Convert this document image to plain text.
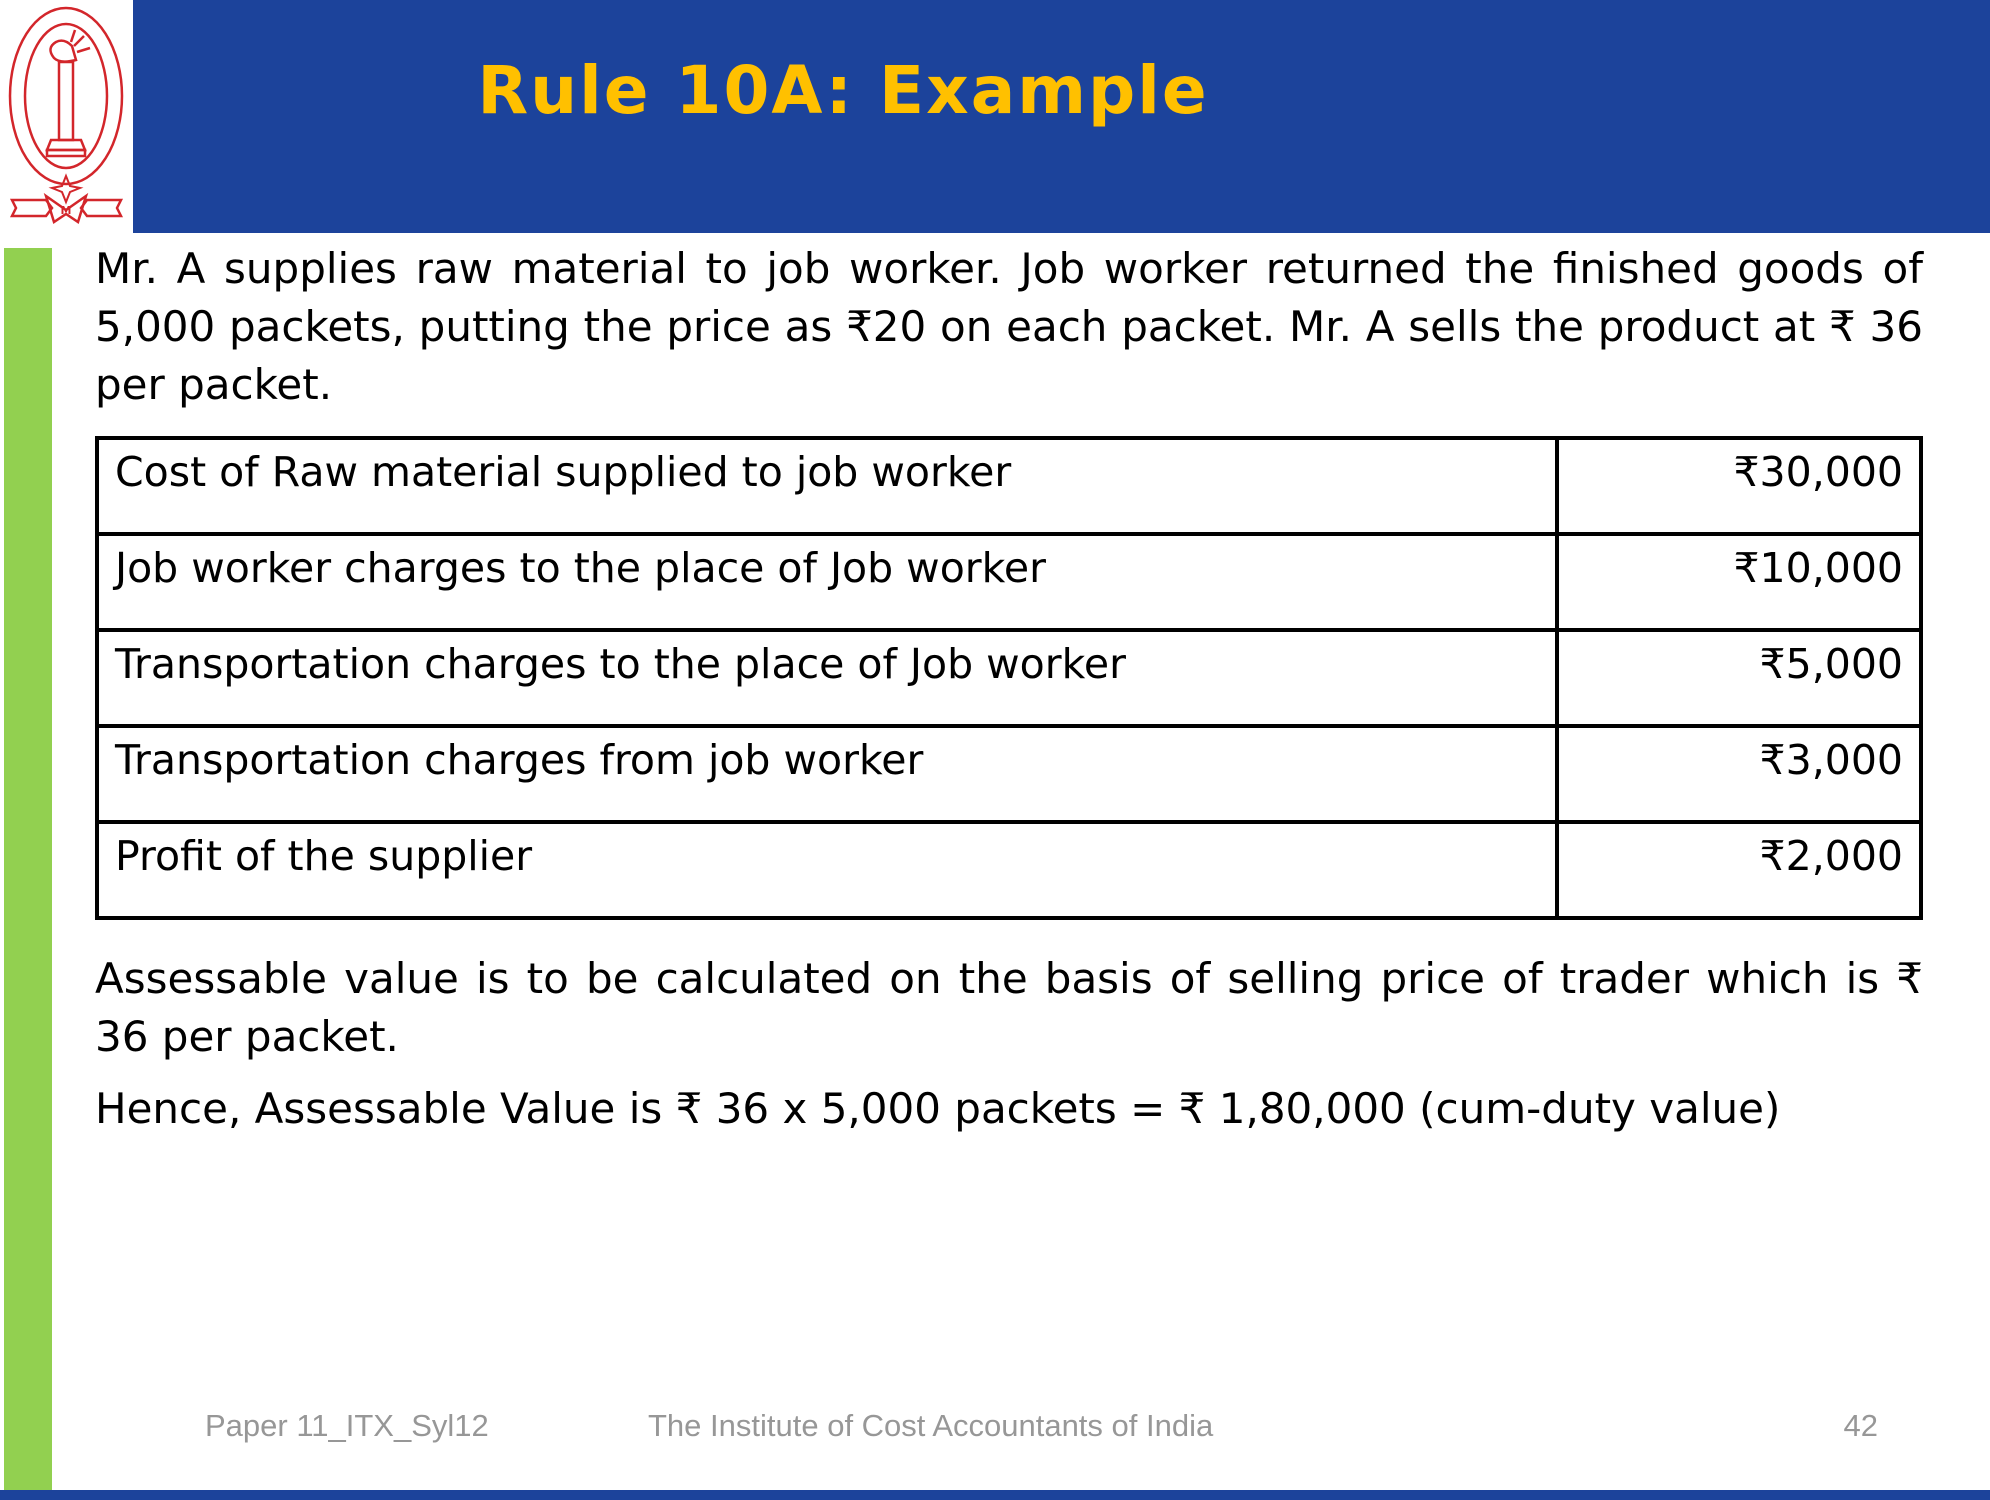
M
Rule 10A: Example

Mr. A supplies raw material to job worker. Job worker returned the finished goods of 5,000 packets, putting the price as ₹20 on each packet. Mr. A sells the product at ₹ 36 per packet.

Cost of Raw material supplied to job worker	₹30,000
Job worker charges to the place of Job worker	₹10,000
Transportation charges to the place of Job worker	₹5,000
Transportation charges from job worker	₹3,000
Profit of the supplier	₹2,000

Assessable value is to be calculated on the basis of selling price of trader which is ₹ 36 per packet.

Hence, Assessable Value is ₹ 36 x 5,000 packets = ₹ 1,80,000 (cum-duty value)

Paper 11_ITX_Syl12	The Institute of Cost Accountants of India	42
